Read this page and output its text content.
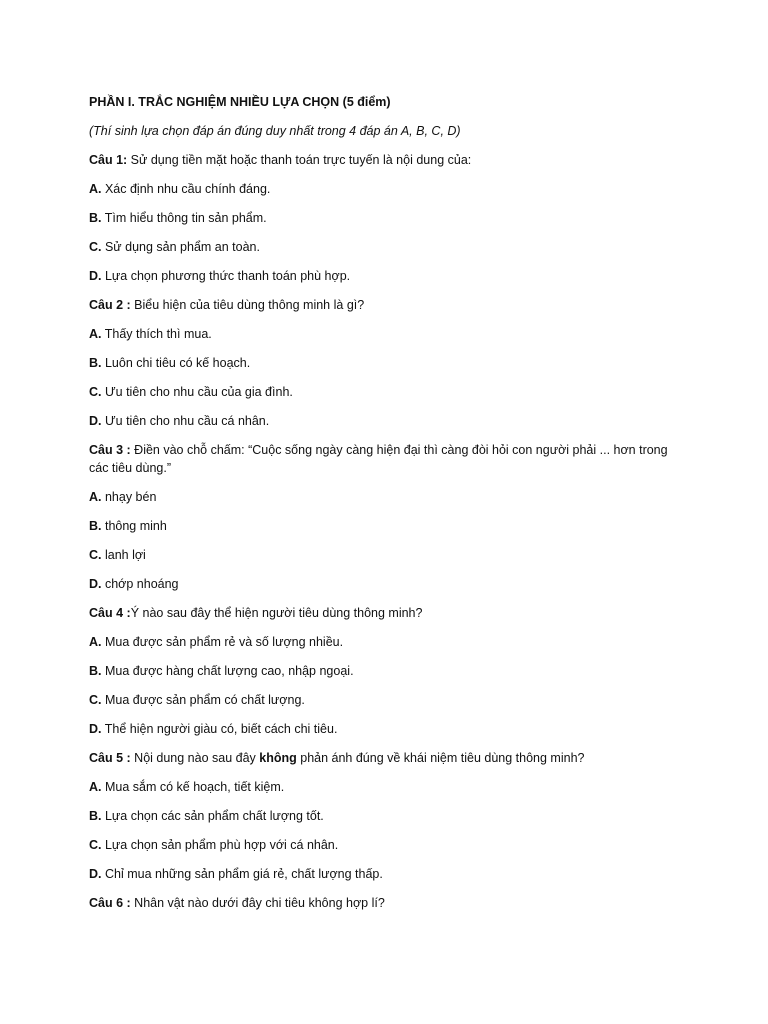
PHẦN I. TRẮC NGHIỆM NHIỀU LỰA CHỌN (5 điểm)

(Thí sinh lựa chọn đáp án đúng duy nhất trong 4 đáp án A, B, C, D)

Câu 1: Sử dụng tiền mặt hoặc thanh toán trực tuyến là nội dung của:

A. Xác định nhu cầu chính đáng.

B. Tìm hiểu thông tin sản phẩm.

C. Sử dụng sản phẩm an toàn.

D. Lựa chọn phương thức thanh toán phù hợp.

Câu 2 : Biểu hiện của tiêu dùng thông minh là gì?

A. Thấy thích thì mua.

B. Luôn chi tiêu có kế hoạch.

C. Ưu tiên cho nhu cầu của gia đình.

D. Ưu tiên cho nhu cầu cá nhân.

Câu 3 : Điền vào chỗ chấm: “Cuộc sống ngày càng hiện đại thì càng đòi hỏi con người phải ... hơn trong các tiêu dùng.”

A. nhạy bén

B. thông minh

C. lanh lợi

D. chớp nhoáng

Câu 4 :Ý nào sau đây thể hiện người tiêu dùng thông minh?

A. Mua được sản phẩm rẻ và số lượng nhiều.

B. Mua được hàng chất lượng cao, nhập ngoại.

C. Mua được sản phẩm có chất lượng.

D. Thể hiện người giàu có, biết cách chi tiêu.

Câu 5 : Nội dung nào sau đây không phản ánh đúng về khái niệm tiêu dùng thông minh?

A. Mua sắm có kế hoạch, tiết kiệm.

B. Lựa chọn các sản phẩm chất lượng tốt.

C. Lựa chọn sản phẩm phù hợp với cá nhân.

D. Chỉ mua những sản phẩm giá rẻ, chất lượng thấp.

Câu 6 : Nhân vật nào dưới đây chi tiêu không hợp lí?
